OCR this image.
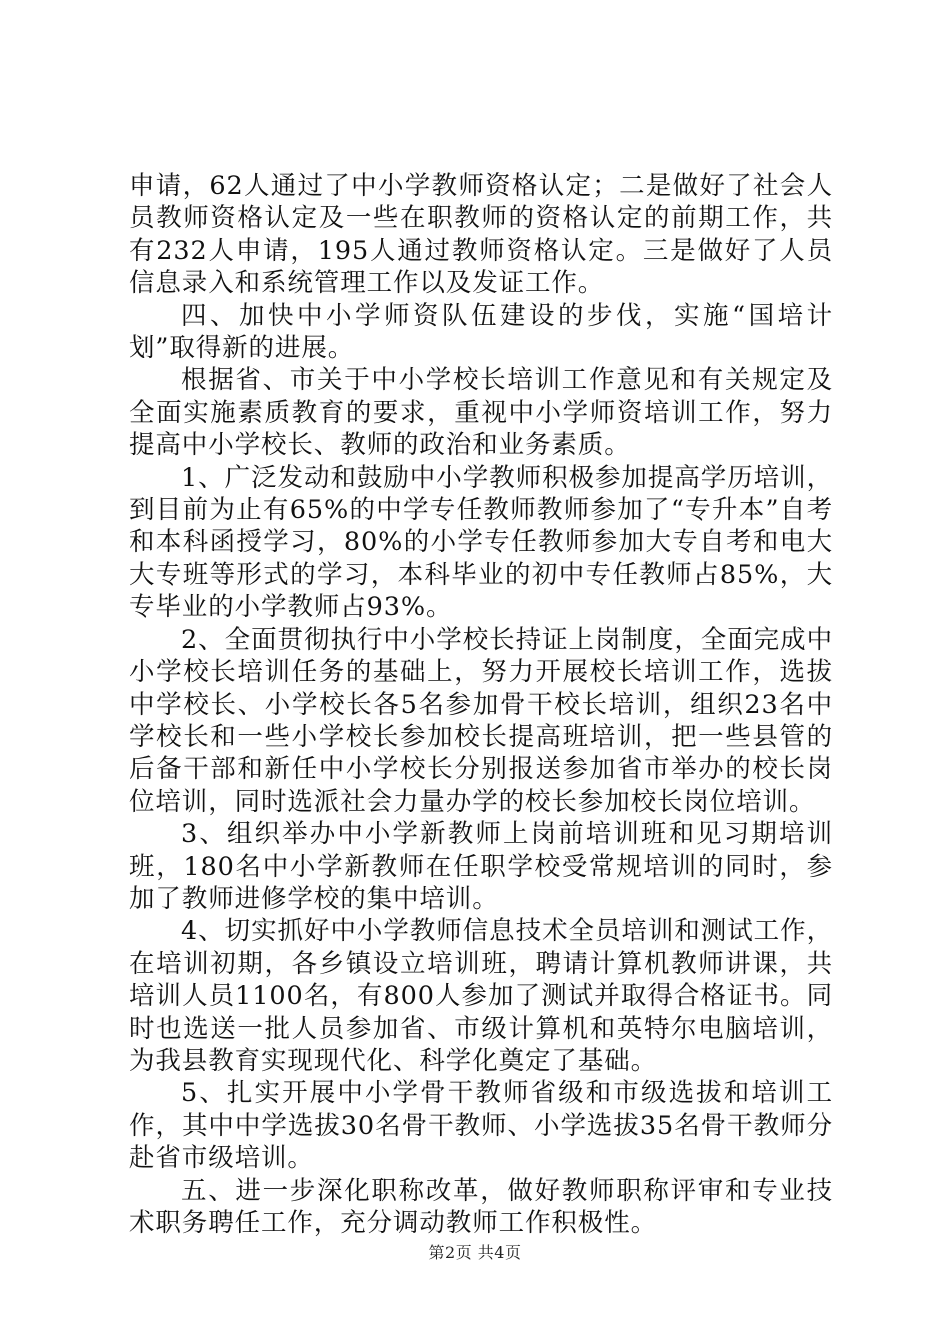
申请，62人通过了中小学教师资格认定；二是做好了社会人员教师资格认定及一些在职教师的资格认定的前期工作，共有232人申请，195人通过教师资格认定。三是做好了人员信息录入和系统管理工作以及发证工作。

四、加快中小学师资队伍建设的步伐，实施“国培计划”取得新的进展。

根据省、市关于中小学校长培训工作意见和有关规定及全面实施素质教育的要求，重视中小学师资培训工作，努力提高中小学校长、教师的政治和业务素质。

1、广泛发动和鼓励中小学教师积极参加提高学历培训，到目前为止有65%的中学专任教师教师参加了“专升本”自考和本科函授学习，80%的小学专任教师参加大专自考和电大大专班等形式的学习，本科毕业的初中专任教师占85%，大专毕业的小学教师占93%。

2、全面贯彻执行中小学校长持证上岗制度，全面完成中小学校长培训任务的基础上，努力开展校长培训工作，选拔中学校长、小学校长各5名参加骨干校长培训，组织23名中学校长和一些小学校长参加校长提高班培训，把一些县管的后备干部和新任中小学校长分别报送参加省市举办的校长岗位培训，同时选派社会力量办学的校长参加校长岗位培训。

3、组织举办中小学新教师上岗前培训班和见习期培训班，180名中小学新教师在任职学校受常规培训的同时，参加了教师进修学校的集中培训。

4、切实抓好中小学教师信息技术全员培训和测试工作，在培训初期，各乡镇设立培训班，聘请计算机教师讲课，共培训人员1100名，有800人参加了测试并取得合格证书。同时也选送一批人员参加省、市级计算机和英特尔电脑培训，为我县教育实现现代化、科学化奠定了基础。

5、扎实开展中小学骨干教师省级和市级选拔和培训工作，其中中学选拔30名骨干教师、小学选拔35名骨干教师分赴省市级培训。

五、进一步深化职称改革，做好教师职称评审和专业技术职务聘任工作，充分调动教师工作积极性。

第2页 共4页
